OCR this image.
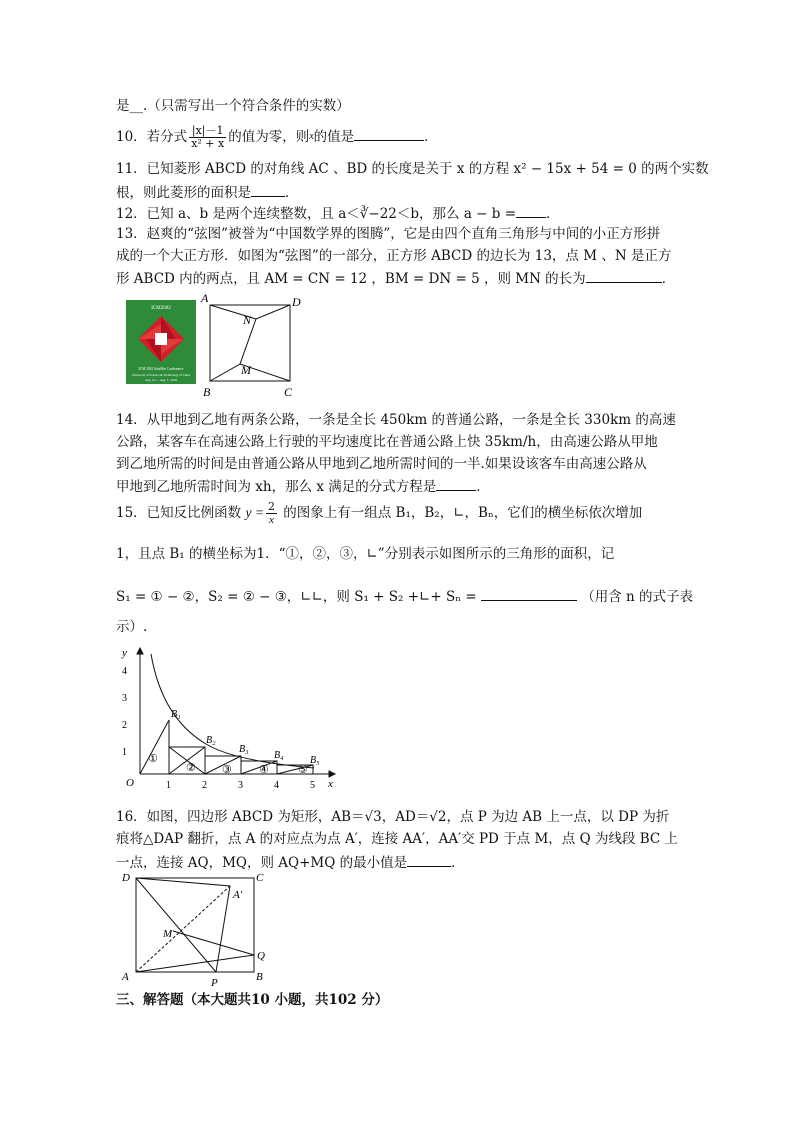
是__.（只需写出一个符合条件的实数）
10．若分式 $\frac{|x|-1}{\text{x² + x}}$ 的值为零，则$^x$的值是	．
11．已知菱形 ABCD 的对角线 AC 、BD 的长度是关于 x 的方程 x² − 15x + 54 = 0 的两个实数
根，则此菱形的面积是	．
12．已知 a、b 是两个连续整数，且 a＜∛−22＜b，那么 a − b = ．
13．赵爽的“弦图”被誉为“中国数学界的图腾”，它是由四个直角三角形与中间的小正方形拼
成的一个大正方形．如图为“弦图”的一部分，正方形 ABCD 的边长为 13，点 M 、N 是正方
形 ABCD 内的两点，且 AM = CN = 12 ，BM = DN = 5 ，则 MN 的长为	．
ICM2002
ICM 2002 Satellite Conference
University of Science & Technology of China
Aug. 14 — Aug. 5 . 2002
A
B	C
D
N
M
14．从甲地到乙地有两条公路，一条是全长 450km 的普通公路，一条是全长 330km 的高速
公路，某客车在高速公路上行驶的平均速度比在普通公路上快 35km/h，由高速公路从甲地
到乙地所需的时间是由普通公路从甲地到乙地所需时间的一半.如果设该客车由高速公路从
甲地到乙地所需时间为 xh，那么 x 满足的分式方程是	．
15．已知反比例函数 $y = \frac{2}{x}$ 的图象上有一组点 B₁，B₂，∟，Bₙ，它们的横坐标依次增加
1，且点 B₁ 的横坐标为1．“①，②，③，∟”分别表示如图所示的三角形的面积，记
S₁ = ① − ②，S₂ = ② − ③，∟∟，则 S₁ + S₂ +∟+ Sₙ =	（用含 n 的式子表
示）.
y
x
O
1
2
3
4
1	2	3	4	5
B₁
B₂
B₃
B₄	B₅
①
② ③ ④	⑤
16．如图，四边形 ABCD 为矩形，AB＝√3，AD＝√2，点 P 为边 AB 上一点，以 DP 为折
痕将△DAP 翻折，点 A 的对应点为点 A′，连接 AA′，AA′交 PD 于点 M，点 Q 为线段 BC 上
一点，连接 AQ，MQ，则 AQ+MQ 的最小值是	．
D	C
A	B
P
Q
M
A′
三、解答题（本大题共10 小题，共102 分）
